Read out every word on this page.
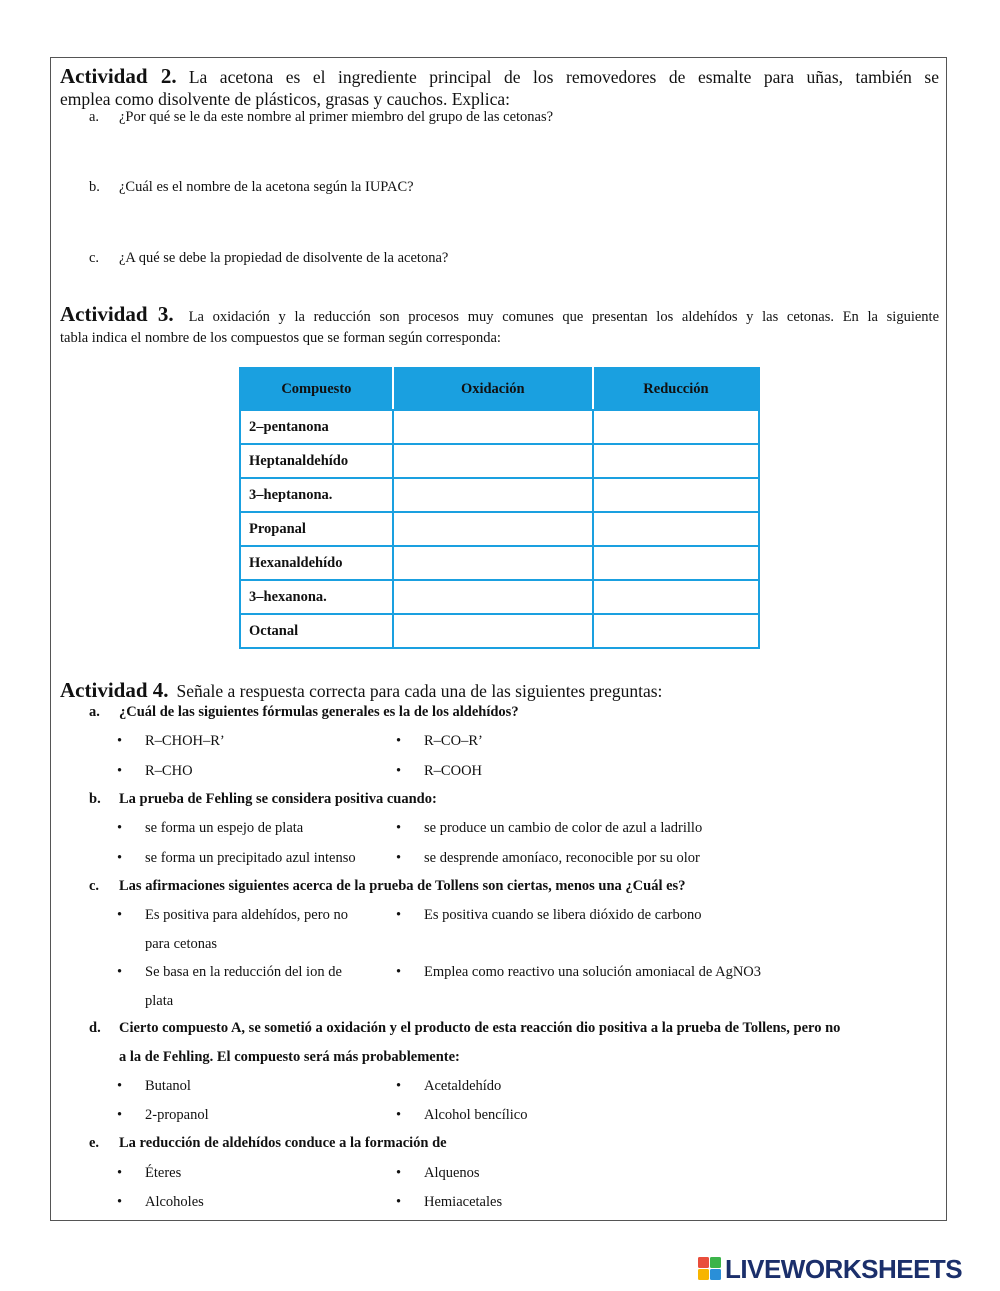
Actividad 2. La acetona es el ingrediente principal de los removedores de esmalte para uñas, también se
emplea como disolvente de plásticos, grasas y cauchos. Explica:
a. ¿Por qué se le da este nombre al primer miembro del grupo de las cetonas?
b. ¿Cuál es el nombre de la acetona según la IUPAC?
c. ¿A qué se debe la propiedad de disolvente de la acetona?
Actividad 3. La oxidación y la reducción son procesos muy comunes que presentan los aldehídos y las cetonas. En la siguiente
tabla indica el nombre de los compuestos que se forman según corresponda:
Compuesto	Oxidación	Reducción
2–pentanona		
Heptanaldehído		
3–heptanona.		
Propanal		
Hexanaldehído		
3–hexanona.		
Octanal		
Actividad 4. Señale a respuesta correcta para cada una de las siguientes preguntas:
a. ¿Cuál de las siguientes fórmulas generales es la de los aldehídos?
• R–CHOH–R’	• R–CO–R’
• R–CHO	• R–COOH
b. La prueba de Fehling se considera positiva cuando:
• se forma un espejo de plata	• se produce un cambio de color de azul a ladrillo
• se forma un precipitado azul intenso	• se desprende amoníaco, reconocible por su olor
c. Las afirmaciones siguientes acerca de la prueba de Tollens son ciertas, menos una ¿Cuál es?
• Es positiva para aldehídos, pero no
para cetonas
• Es positiva cuando se libera dióxido de carbono
• Se basa en la reducción del ion de
plata
• Emplea como reactivo una solución amoniacal de AgNO3
d. Cierto compuesto A, se sometió a oxidación y el producto de esta reacción dio positiva a la prueba de Tollens, pero no
a la de Fehling. El compuesto será más probablemente:
• Butanol	• Acetaldehído
• 2-propanol	• Alcohol bencílico
e. La reducción de aldehídos conduce a la formación de
• Éteres	• Alquenos
• Alcoholes	• Hemiacetales
LIVEWORKSHEETS
